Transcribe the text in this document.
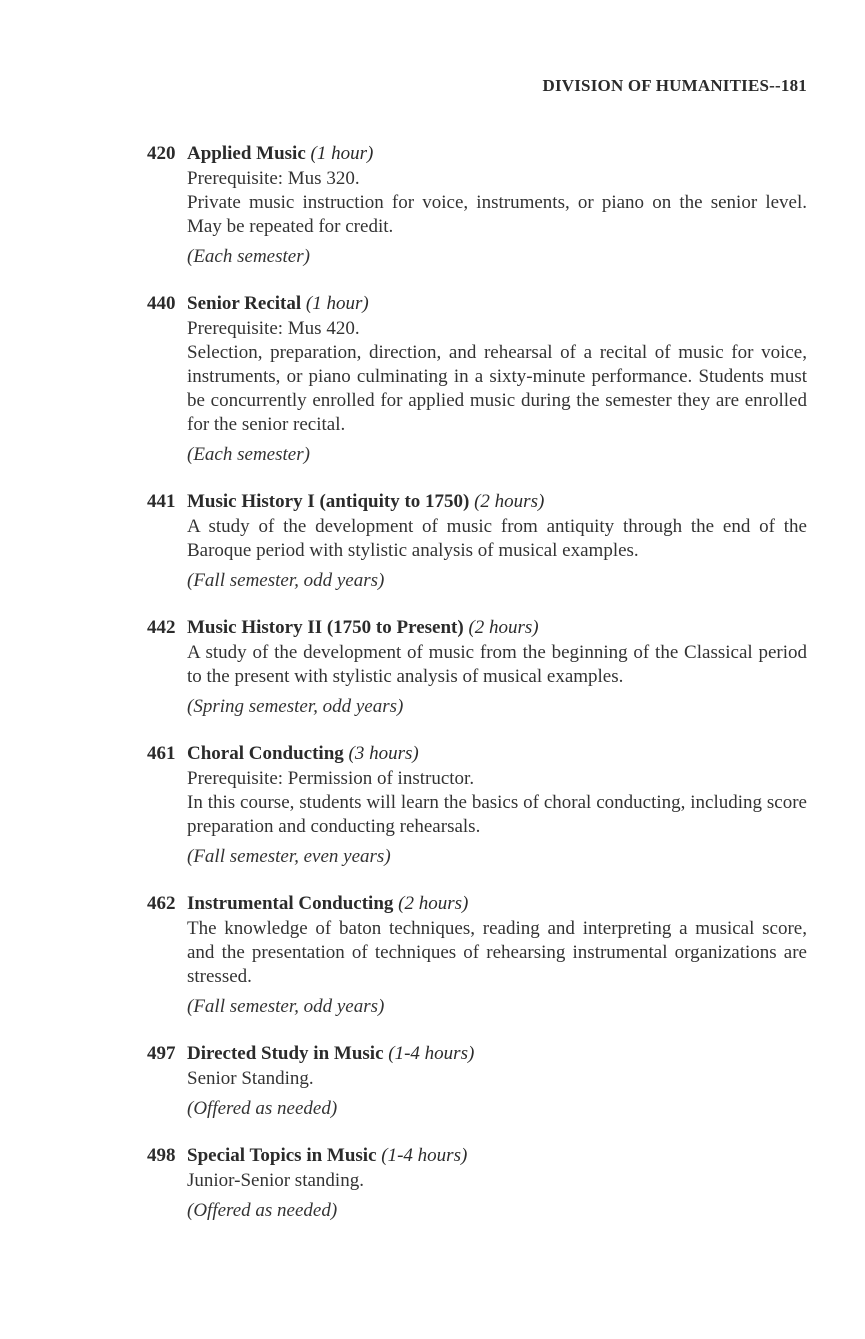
DIVISION OF HUMANITIES--181
420 Applied Music (1 hour)
Prerequisite: Mus 320.
Private music instruction for voice, instruments, or piano on the senior level. May be repeated for credit.
(Each semester)
440 Senior Recital (1 hour)
Prerequisite: Mus 420.
Selection, preparation, direction, and rehearsal of a recital of music for voice, instruments, or piano culminating in a sixty-minute performance. Students must be concurrently enrolled for applied music during the semester they are enrolled for the senior recital.
(Each semester)
441 Music History I (antiquity to 1750) (2 hours)
A study of the development of music from antiquity through the end of the Baroque period with stylistic analysis of musical examples.
(Fall semester, odd years)
442 Music History II (1750 to Present) (2 hours)
A study of the development of music from the beginning of the Classical period to the present with stylistic analysis of musical examples.
(Spring semester, odd years)
461 Choral Conducting (3 hours)
Prerequisite: Permission of instructor.
In this course, students will learn the basics of choral conducting, including score preparation and conducting rehearsals.
(Fall semester, even years)
462 Instrumental Conducting (2 hours)
The knowledge of baton techniques, reading and interpreting a musical score, and the presentation of techniques of rehearsing instrumental organizations are stressed.
(Fall semester, odd years)
497 Directed Study in Music (1-4 hours)
Senior Standing.
(Offered as needed)
498 Special Topics in Music (1-4 hours)
Junior-Senior standing.
(Offered as needed)
